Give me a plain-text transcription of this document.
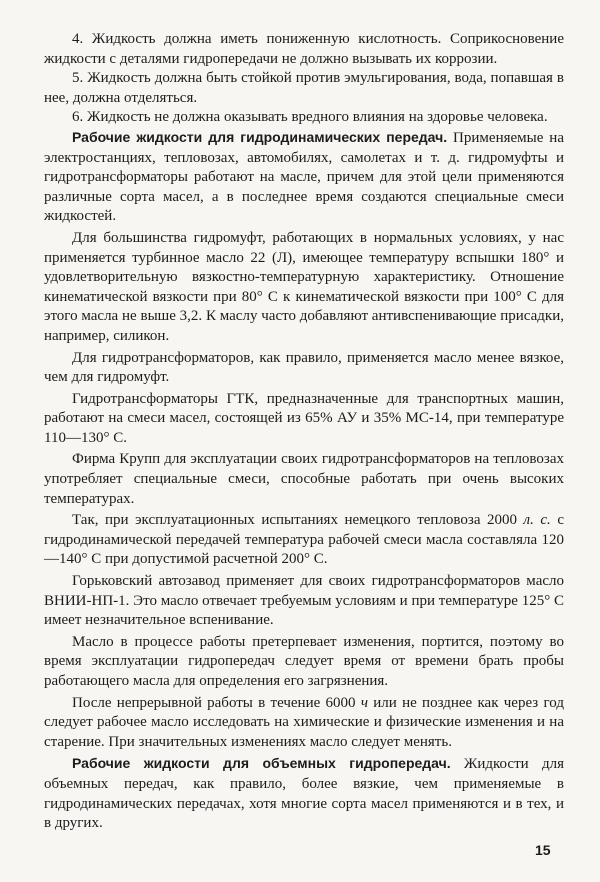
4. Жидкость должна иметь пониженную кислотность. Соприкосновение жидкости с деталями гидропередачи не должно вызывать их коррозии.

5. Жидкость должна быть стойкой против эмульгирования, вода, попавшая в нее, должна отделяться.

6. Жидкость не должна оказывать вредного влияния на здоровье человека.

Рабочие жидкости для гидродинамических передач. Применяемые на электростанциях, тепловозах, автомобилях, самолетах и т. д. гидромуфты и гидротрансформаторы работают на масле, причем для этой цели применяются различные сорта масел, а в последнее время создаются специальные смеси жидкостей.

Для большинства гидромуфт, работающих в нормальных условиях, у нас применяется турбинное масло 22 (Л), имеющее температуру вспышки 180° и удовлетворительную вязкостно-температурную характеристику. Отношение кинематической вязкости при 80° С к кинематической вязкости при 100° С для этого масла не выше 3,2. К маслу часто добавляют антивспенивающие присадки, например, силикон.

Для гидротрансформаторов, как правило, применяется масло менее вязкое, чем для гидромуфт.

Гидротрансформаторы ГТК, предназначенные для транспортных машин, работают на смеси масел, состоящей из 65% АУ и 35% МС-14, при температуре 110—130° С.

Фирма Крупп для эксплуатации своих гидротрансформаторов на тепловозах употребляет специальные смеси, способные работать при очень высоких температурах.

Так, при эксплуатационных испытаниях немецкого тепловоза 2000 л. с. с гидродинамической передачей температура рабочей смеси масла составляла 120—140° С при допустимой расчетной 200° С.

Горьковский автозавод применяет для своих гидротрансформаторов масло ВНИИ-НП-1. Это масло отвечает требуемым условиям и при температуре 125° С имеет незначительное вспенивание.

Масло в процессе работы претерпевает изменения, портится, поэтому во время эксплуатации гидропередач следует время от времени брать пробы работающего масла для определения его загрязнения.

После непрерывной работы в течение 6000 ч или не позднее как через год следует рабочее масло исследовать на химические и физические изменения и на старение. При значительных изменениях масло следует менять.

Рабочие жидкости для объемных гидропередач. Жидкости для объемных передач, как правило, более вязкие, чем применяемые в гидродинамических передачах, хотя многие сорта масел применяются и в тех, и в других.

15
